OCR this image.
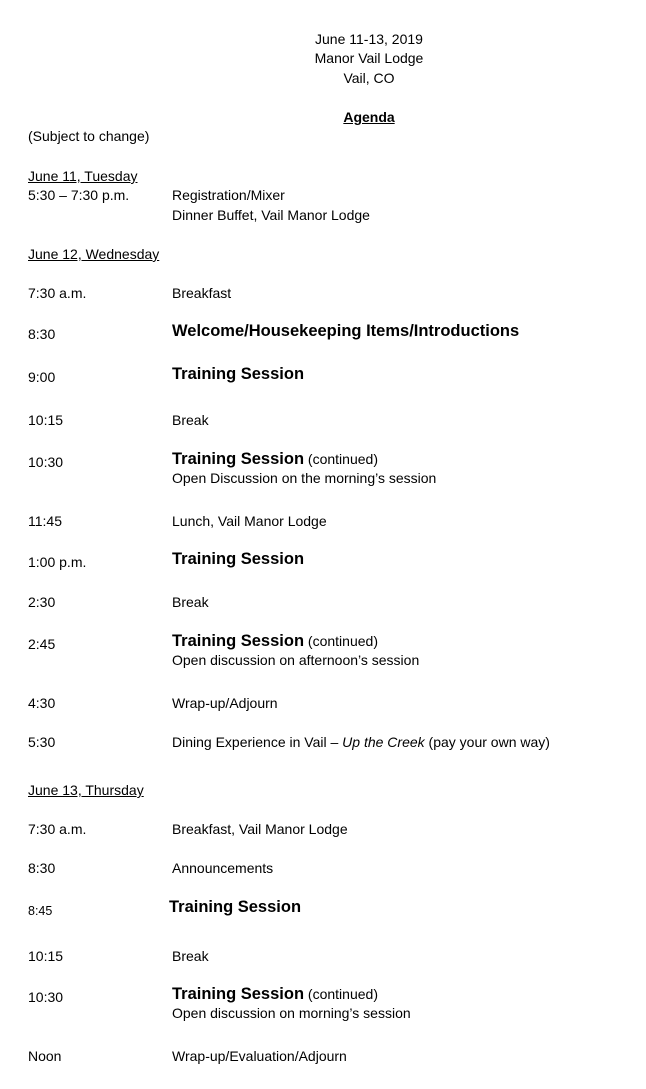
June 11-13, 2019
Manor Vail Lodge
Vail, CO
Agenda
(Subject to change)
June 11, Tuesday
5:30 – 7:30 p.m.	Registration/Mixer
Dinner Buffet, Vail Manor Lodge
June 12, Wednesday
7:30 a.m.	Breakfast
8:30	Welcome/Housekeeping Items/Introductions
9:00	Training Session
10:15	Break
10:30	Training Session (continued)
Open Discussion on the morning’s session
11:45	Lunch, Vail Manor Lodge
1:00 p.m.	Training Session
2:30	Break
2:45	Training Session (continued)
Open discussion on afternoon’s session
4:30	Wrap-up/Adjourn
5:30	Dining Experience in Vail – Up the Creek (pay your own way)
June 13, Thursday
7:30 a.m.	Breakfast, Vail Manor Lodge
8:30	Announcements
8:45	Training Session
10:15	Break
10:30	Training Session (continued)
Open discussion on morning’s session
Noon	Wrap-up/Evaluation/Adjourn
